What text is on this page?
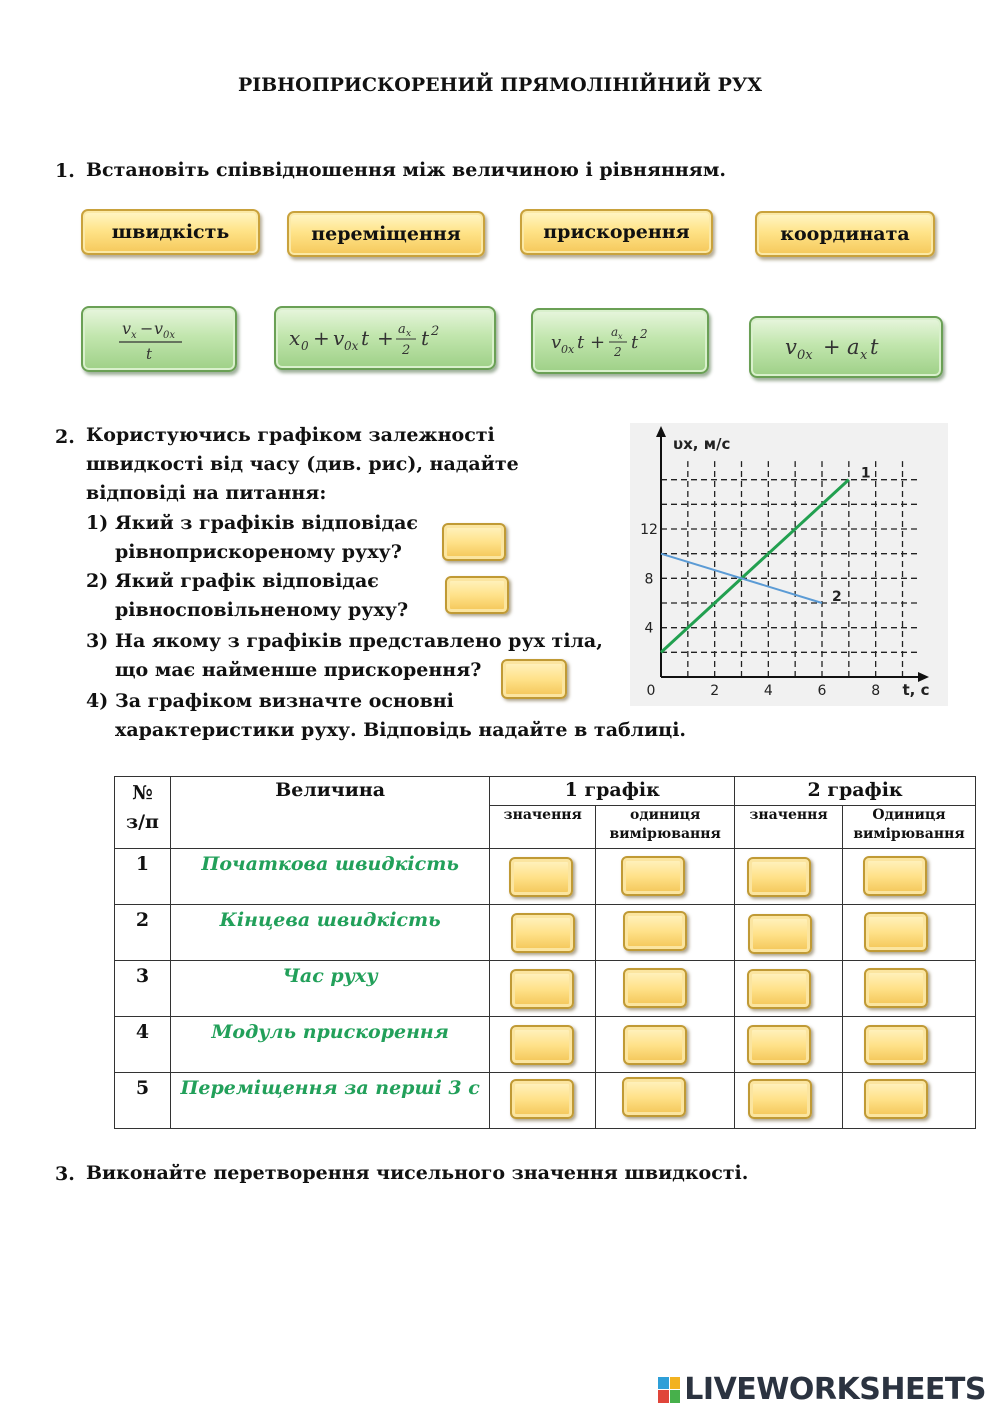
РІВНОПРИСКОРЕНИЙ ПРЯМОЛІНІЙНИЙ РУХ
1. Встановіть співвідношення між величиною і рівнянням.
швидкість	переміщення	прискорення	координата
v x − v 0x
t
x 0 + v 0x t + a x
2
t 2
v 0x t + a x
2 t 2
v 0x + a x t
2. Користуючись графіком залежності
швидкості від часу (див. рис), надайте
відповіді на питання:
1) Який з графіків відповідає
рівноприскореному руху?
2) Який графік відповідає
рівносповільненому руху?
3) На якому з графіків представлено рух тіла,
що має найменше прискорення?
4) За графіком визначте основні
характеристики руху. Відповідь надайте в таблиці.
0	2	4	6	8
4
8
12
υx, м/с
t, c
1
2
№ з/п	Величина	1 графік		2 графік	
		значення	одиниця вимірювання	значення	Одиниця вимірювання
1	Початкова швидкість	

2	Кінцева швидкість	

3	Час руху	

4	Модуль прискорення	

5	Переміщення за перші 3 с	

3. Виконайте перетворення чисельного значення швидкості.
LIVEWORKSHEETS
